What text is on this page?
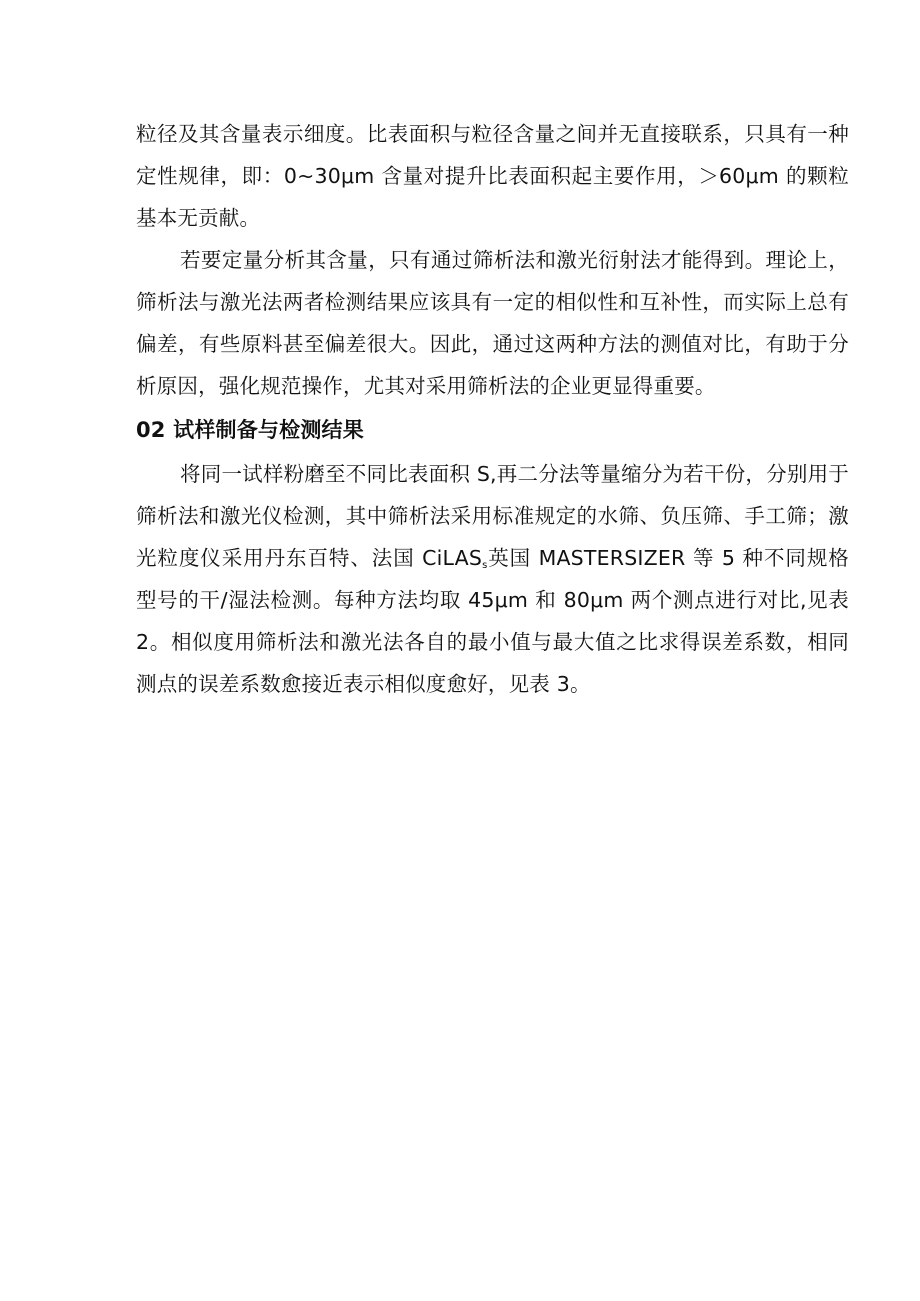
粒径及其含量表示细度。比表面积与粒径含量之间并无直接联系，只具有一种定性规律，即：0~30μm 含量对提升比表面积起主要作用，＞60μm 的颗粒基本无贡献。

若要定量分析其含量，只有通过筛析法和激光衍射法才能得到。理论上，筛析法与激光法两者检测结果应该具有一定的相似性和互补性，而实际上总有偏差，有些原料甚至偏差很大。因此，通过这两种方法的测值对比，有助于分析原因，强化规范操作，尤其对采用筛析法的企业更显得重要。

02 试样制备与检测结果

将同一试样粉磨至不同比表面积 S,再二分法等量缩分为若干份，分别用于筛析法和激光仪检测，其中筛析法采用标准规定的水筛、负压筛、手工筛；激光粒度仪采用丹东百特、法国 CiLAS$_s$英国 MASTERSIZER 等 5 种不同规格型号的干/湿法检测。每种方法均取 45μm 和 80μm 两个测点进行对比,见表 2。相似度用筛析法和激光法各自的最小值与最大值之比求得误差系数，相同测点的误差系数愈接近表示相似度愈好，见表 3。
